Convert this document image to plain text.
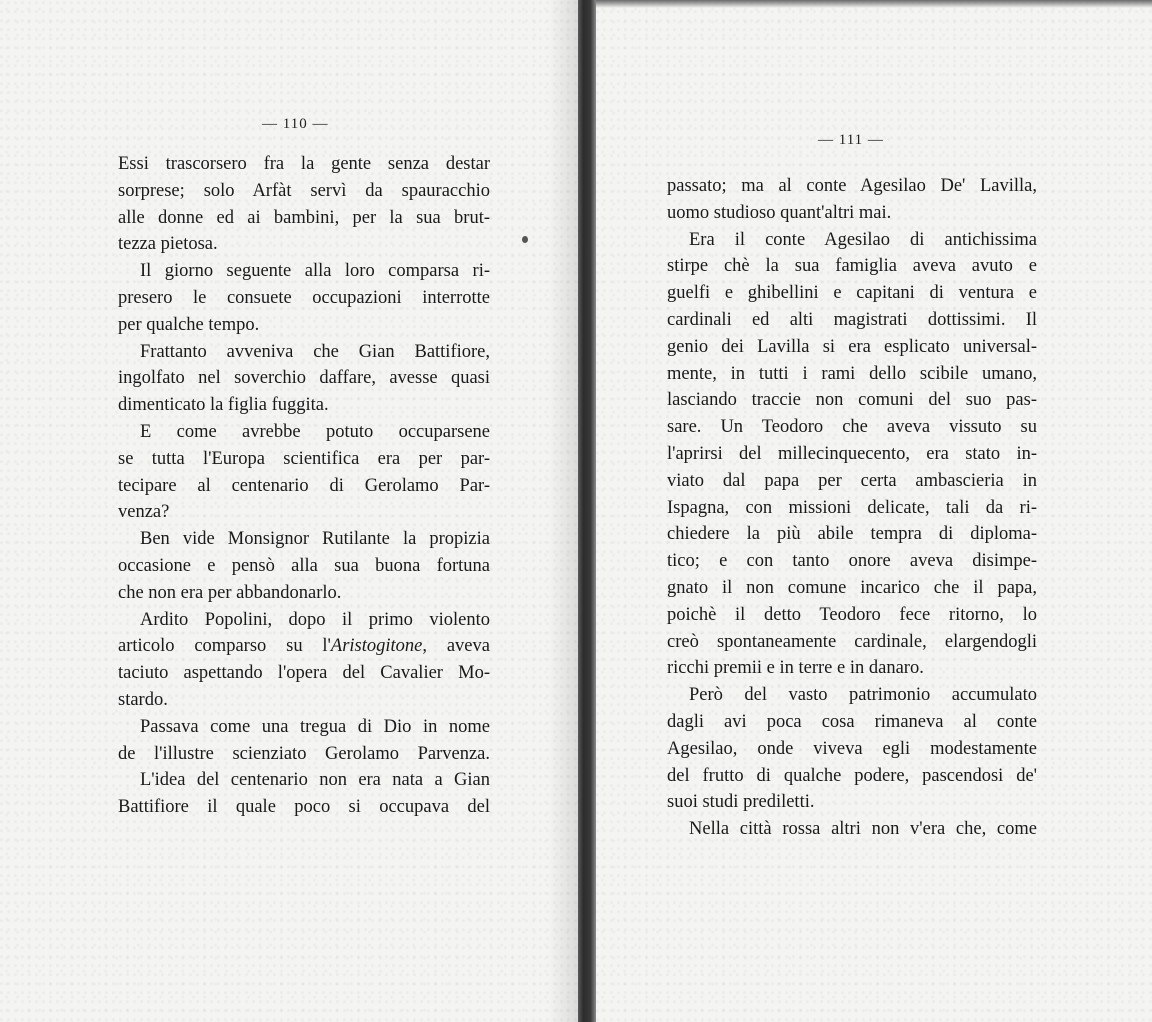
— 110 —
Essi trascorsero fra la gente senza destar
sorprese; solo Arfàt servì da spauracchio
alle donne ed ai bambini, per la sua brut-
tezza pietosa.
Il giorno seguente alla loro comparsa ri-
presero le consuete occupazioni interrotte
per qualche tempo.
Frattanto avveniva che Gian Battifiore,
ingolfato nel soverchio daffare, avesse quasi
dimenticato la figlia fuggita.
E come avrebbe potuto occuparsene
se tutta l'Europa scientifica era per par-
tecipare al centenario di Gerolamo Par-
venza?
Ben vide Monsignor Rutilante la propizia
occasione e pensò alla sua buona fortuna
che non era per abbandonarlo.
Ardito Popolini, dopo il primo violento
articolo comparso su l'Aristogitone, aveva
taciuto aspettando l'opera del Cavalier Mo-
stardo.
Passava come una tregua di Dio in nome
de l'illustre scienziato Gerolamo Parvenza.
L'idea del centenario non era nata a Gian
Battifiore il quale poco si occupava del
— 111 —
passato; ma al conte Agesilao De' Lavilla,
uomo studioso quant'altri mai.
Era il conte Agesilao di antichissima
stirpe chè la sua famiglia aveva avuto e
guelfi e ghibellini e capitani di ventura e
cardinali ed alti magistrati dottissimi. Il
genio dei Lavilla si era esplicato universal-
mente, in tutti i rami dello scibile umano,
lasciando traccie non comuni del suo pas-
sare. Un Teodoro che aveva vissuto su
l'aprirsi del millecinquecento, era stato in-
viato dal papa per certa ambascieria in
Ispagna, con missioni delicate, tali da ri-
chiedere la più abile tempra di diploma-
tico; e con tanto onore aveva disimpe-
gnato il non comune incarico che il papa,
poichè il detto Teodoro fece ritorno, lo
creò spontaneamente cardinale, elargendogli
ricchi premii e in terre e in danaro.
Però del vasto patrimonio accumulato
dagli avi poca cosa rimaneva al conte
Agesilao, onde viveva egli modestamente
del frutto di qualche podere, pascendosi de'
suoi studi prediletti.
Nella città rossa altri non v'era che, come
